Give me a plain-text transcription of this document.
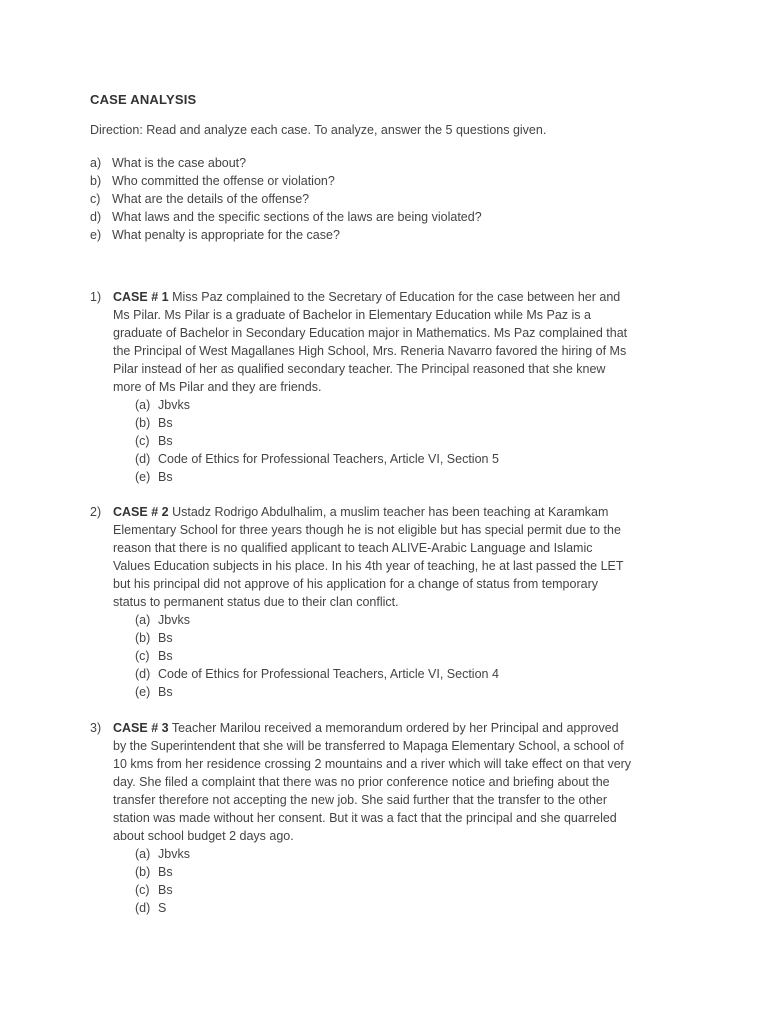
CASE ANALYSIS
Direction: Read and analyze each case. To analyze, answer the 5 questions given.
a) What is the case about?
b) Who committed the offense or violation?
c) What are the details of the offense?
d) What laws and the specific sections of the laws are being violated?
e) What penalty is appropriate for the case?
1) CASE # 1 Miss Paz complained to the Secretary of Education for the case between her and
Ms Pilar. Ms Pilar is a graduate of Bachelor in Elementary Education while Ms Paz is a
graduate of Bachelor in Secondary Education major in Mathematics. Ms Paz complained that
the Principal of West Magallanes High School, Mrs. Reneria Navarro favored the hiring of Ms
Pilar instead of her as qualified secondary teacher. The Principal reasoned that she knew
more of Ms Pilar and they are friends.
(a) Jbvks
(b) Bs
(c) Bs
(d) Code of Ethics for Professional Teachers, Article VI, Section 5
(e) Bs
2) CASE # 2 Ustadz Rodrigo Abdulhalim, a muslim teacher has been teaching at Karamkam
Elementary School for three years though he is not eligible but has special permit due to the
reason that there is no qualified applicant to teach ALIVE-Arabic Language and Islamic
Values Education subjects in his place. In his 4th year of teaching, he at last passed the LET
but his principal did not approve of his application for a change of status from temporary
status to permanent status due to their clan conflict.
(a) Jbvks
(b) Bs
(c) Bs
(d) Code of Ethics for Professional Teachers, Article VI, Section 4
(e) Bs
3) CASE # 3 Teacher Marilou received a memorandum ordered by her Principal and approved
by the Superintendent that she will be transferred to Mapaga Elementary School, a school of
10 kms from her residence crossing 2 mountains and a river which will take effect on that very
day. She filed a complaint that there was no prior conference notice and briefing about the
transfer therefore not accepting the new job. She said further that the transfer to the other
station was made without her consent. But it was a fact that the principal and she quarreled
about school budget 2 days ago.
(a) Jbvks
(b) Bs
(c) Bs
(d) S
